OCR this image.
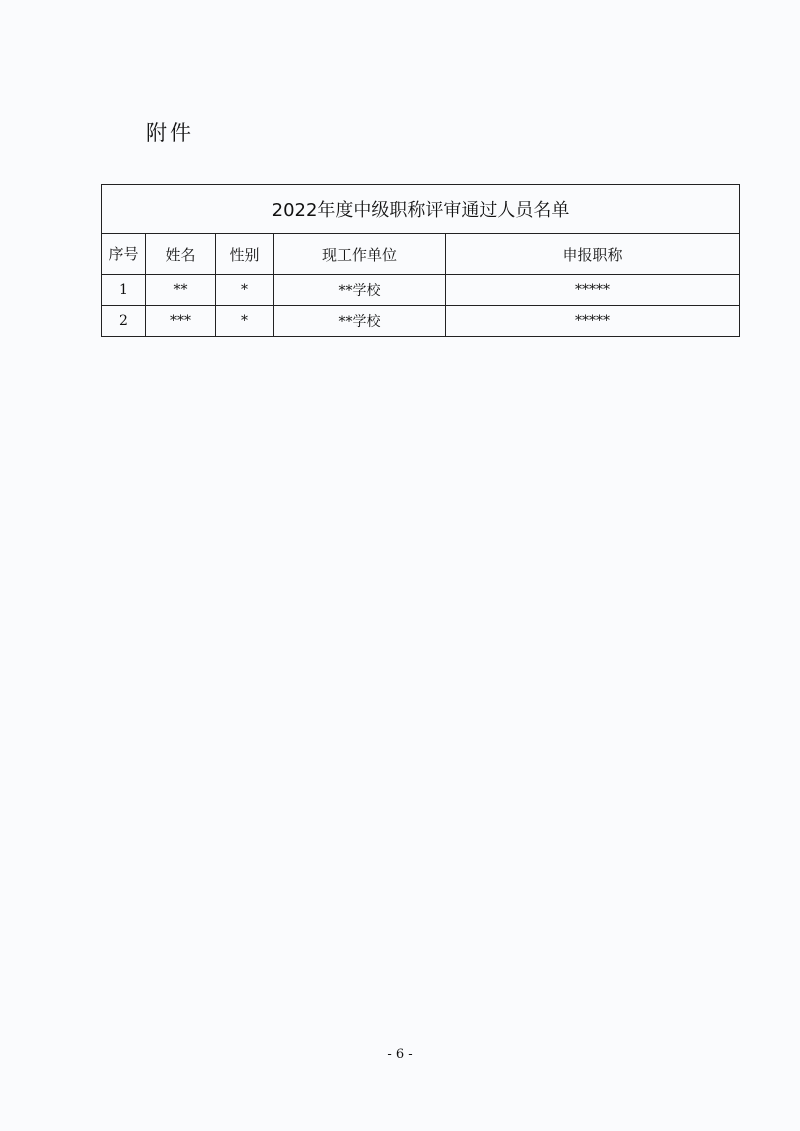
附件
2022年度中级职称评审通过人员名单				
序号	姓名	性别	现工作单位	申报职称
1	**	*	**学校	*****
2	***	*	**学校	*****
- 6 -
